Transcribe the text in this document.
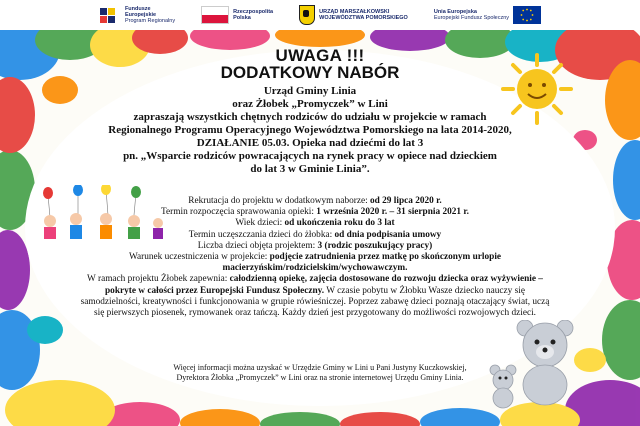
Fundusze
Europejskie
Program Regionalny
Rzeczpospolita
Polska
URZĄD MARSZAŁKOWSKI
WOJEWÓDZTWA POMORSKIEGO
Unia Europejska
Europejski Fundusz Społeczny
UWAGA !!!
DODATKOWY NABÓR
Urząd Gminy Linia
oraz Żłobek „Promyczek” w Lini
zapraszają wszystkich chętnych rodziców do udziału w projekcie w ramach
Regionalnego Programu Operacyjnego Województwa Pomorskiego na lata 2014-2020,
DZIAŁANIE 05.03. Opieka nad dziećmi do lat 3
pn. „Wsparcie rodziców powracających na rynek pracy w opiece nad dzieckiem
do lat 3 w Gminie Linia”.
Rekrutacja do projektu w dodatkowym naborze: od 29 lipca 2020 r.
Termin rozpoczęcia sprawowania opieki: 1 września 2020 r. – 31 sierpnia 2021 r.
Wiek dzieci: od ukończenia roku do 3 lat
Termin uczęszczania dzieci do żłobka: od dnia podpisania umowy
Liczba dzieci objęta projektem: 3 (rodzic poszukujący pracy)
Warunek uczestniczenia w projekcie: podjęcie zatrudnienia przez matkę po skończonym urlopie macierzyńskim/rodzicielskim/wychowawczym.
W ramach projektu Żłobek zapewnia: całodzienną opiekę, zajęcia dostosowane do rozwoju dziecka oraz wyżywienie – pokryte w całości przez Europejski Fundusz Społeczny. W czasie pobytu w Żłobku Wasze dziecko nauczy się samodzielności, kreatywności i funkcjonowania w grupie rówieśniczej. Poprzez zabawę dzieci poznają otaczający świat, uczą się pierwszych piosenek, rymowanek oraz tańczą. Każdy dzień jest przygotowany do możliwości rozwojowych dzieci.
Więcej informacji można uzyskać w Urzędzie Gminy w Lini u Pani Justyny Kuczkowskiej,
Dyrektora Żłobka „Promyczek” w Lini oraz na stronie internetowej Urzędu Gminy Linia.
